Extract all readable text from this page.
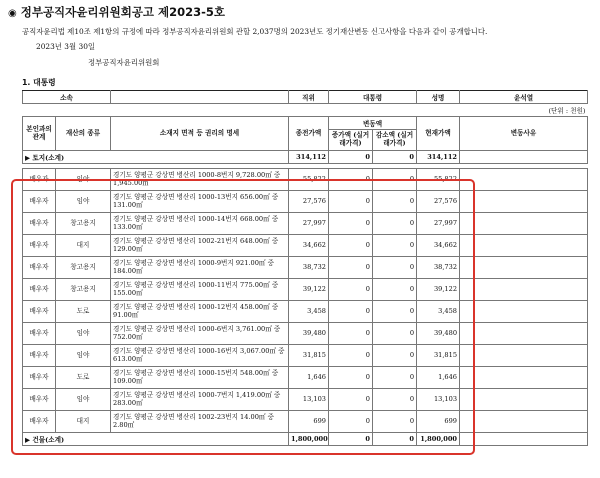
◉ 정부공직자윤리위원회공고 제2023-5호
공직자윤리법 제10조 제1항의 규정에 따라 정부공직자윤리위원회 관할 2,037명의 2023년도 정기재산변동 신고사항을 다음과 같이 공개합니다.
2023년 3월 30일
정부공직자윤리위원회
1. 대통령
소속			직위	대통령		성명	윤석열
(단위 : 천원)							
본인과의 관계	재산의 종류	소재지 면적 등 권리의 명세	종전가액	변동액		현재가액	변동사유
				증가액 (실거래가격)	감소액 (실거래가격)		
▶ 토지(소계)			314,112	0	0	314,112	

배우자	임야	경기도 양평군 강상면 병산리 1000-8번지 9,728.00㎡ 중 1,945.00㎡	55,822	0	0	55,822	
배우자	임야	경기도 양평군 강상면 병산리 1000-13번지 656.00㎡ 중 131.00㎡	27,576	0	0	27,576	
배우자	창고용지	경기도 양평군 강상면 병산리 1000-14번지 668.00㎡ 중 133.00㎡	27,997	0	0	27,997	
배우자	대지	경기도 양평군 강상면 병산리 1002-21번지 648.00㎡ 중 129.00㎡	34,662	0	0	34,662	
배우자	창고용지	경기도 양평군 강상면 병산리 1000-9번지 921.00㎡ 중 184.00㎡	38,732	0	0	38,732	
배우자	창고용지	경기도 양평군 강상면 병산리 1000-11번지 775.00㎡ 중 155.00㎡	39,122	0	0	39,122	
배우자	도로	경기도 양평군 강상면 병산리 1000-12번지 458.00㎡ 중 91.00㎡	3,458	0	0	3,458	
배우자	임야	경기도 양평군 강상면 병산리 1000-6번지 3,761.00㎡ 중 752.00㎡	39,480	0	0	39,480	
배우자	임야	경기도 양평군 강상면 병산리 1000-16번지 3,067.00㎡ 중 613.00㎡	31,815	0	0	31,815	
배우자	도로	경기도 양평군 강상면 병산리 1000-15번지 548.00㎡ 중 109.00㎡	1,646	0	0	1,646	
배우자	임야	경기도 양평군 강상면 병산리 1000-7번지 1,419.00㎡ 중 283.00㎡	13,103	0	0	13,103	
배우자	대지	경기도 양평군 강상면 병산리 1002-23번지 14.00㎡ 중 2.80㎡	699	0	0	699	
▶ 건물(소계)			1,800,000	0	0	1,800,000	
